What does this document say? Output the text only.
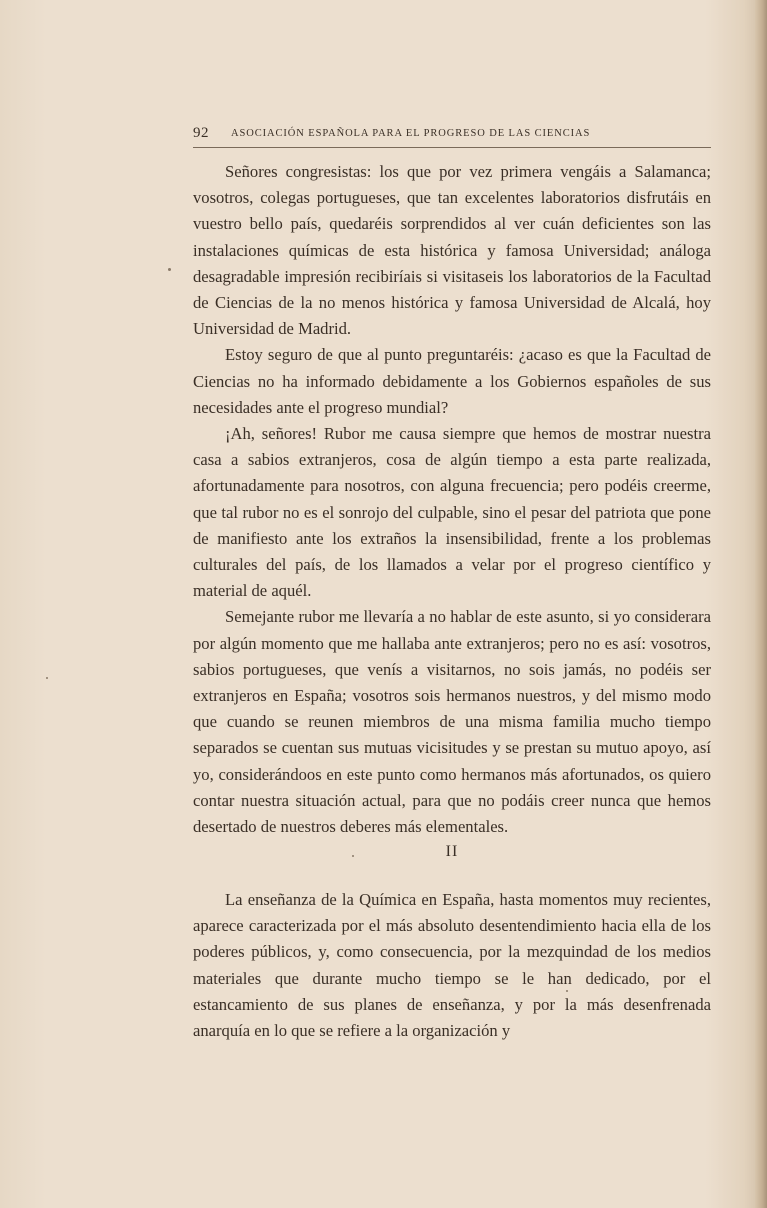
92 ASOCIACIÓN ESPAÑOLA PARA EL PROGRESO DE LAS CIENCIAS

Señores congresistas: los que por vez primera vengáis a Salamanca; vosotros, colegas portugueses, que tan excelentes laboratorios disfrutáis en vuestro bello país, quedaréis sorprendidos al ver cuán deficientes son las instalaciones químicas de esta histórica y famosa Universidad; análoga desagradable impresión recibiríais si visitaseis los laboratorios de la Facultad de Ciencias de la no menos histórica y famosa Universidad de Alcalá, hoy Universidad de Madrid.

Estoy seguro de que al punto preguntaréis: ¿acaso es que la Facultad de Ciencias no ha informado debidamente a los Gobiernos españoles de sus necesidades ante el progreso mundial?

¡Ah, señores! Rubor me causa siempre que hemos de mostrar nuestra casa a sabios extranjeros, cosa de algún tiempo a esta parte realizada, afortunadamente para nosotros, con alguna frecuencia; pero podéis creerme, que tal rubor no es el sonrojo del culpable, sino el pesar del patriota que pone de manifiesto ante los extraños la insensibilidad, frente a los problemas culturales del país, de los llamados a velar por el progreso científico y material de aquél.

Semejante rubor me llevaría a no hablar de este asunto, si yo considerara por algún momento que me hallaba ante extranjeros; pero no es así: vosotros, sabios portugueses, que venís a visitarnos, no sois jamás, no podéis ser extranjeros en España; vosotros sois hermanos nuestros, y del mismo modo que cuando se reunen miembros de una misma familia mucho tiempo separados se cuentan sus mutuas vicisitudes y se prestan su mutuo apoyo, así yo, considerándoos en este punto como hermanos más afortunados, os quiero contar nuestra situación actual, para que no podáis creer nunca que hemos desertado de nuestros deberes más elementales.

II

La enseñanza de la Química en España, hasta momentos muy recientes, aparece caracterizada por el más absoluto desentendimiento hacia ella de los poderes públicos, y, como consecuencia, por la mezquindad de los medios materiales que durante mucho tiempo se le han dedicado, por el estancamiento de sus planes de enseñanza, y por la más desenfrenada anarquía en lo que se refiere a la organización y
